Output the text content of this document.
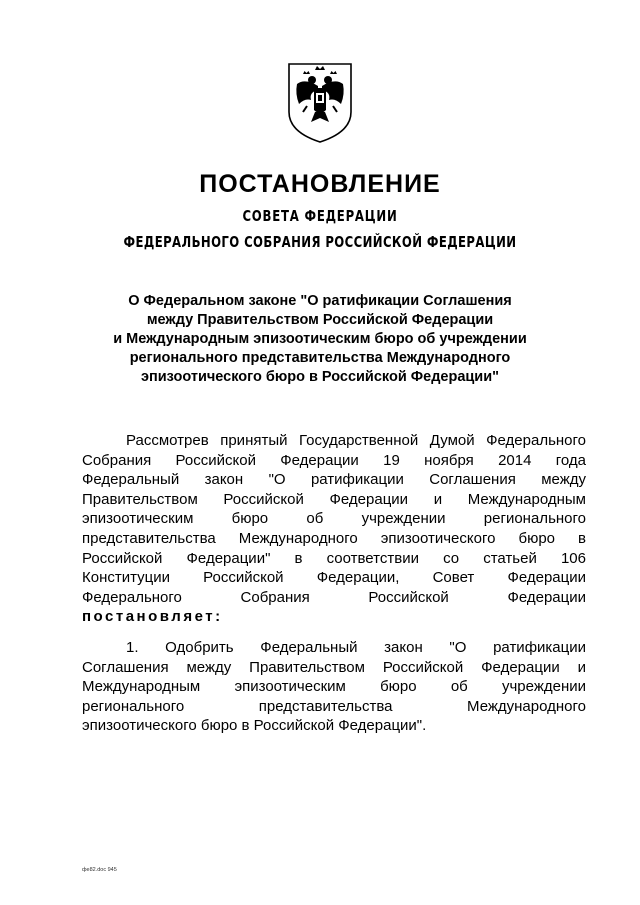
ПОСТАНОВЛЕНИЕ
СОВЕТА ФЕДЕРАЦИИ
ФЕДЕРАЛЬНОГО СОБРАНИЯ РОССИЙСКОЙ ФЕДЕРАЦИИ
О Федеральном законе "О ратификации Соглашения
между Правительством Российской Федерации
и Международным эпизоотическим бюро об учреждении
регионального представительства Международного
эпизоотического бюро в Российской Федерации"
Рассмотрев принятый Государственной Думой Федерального
Собрания Российской Федерации 19 ноября 2014 года
Федеральный закон "О ратификации Соглашения между
Правительством Российской Федерации и Международным
эпизоотическим бюро об учреждении регионального
представительства Международного эпизоотического бюро в
Российской Федерации" в соответствии со статьей 106
Конституции Российской Федерации, Совет Федерации
Федерального Собрания Российской Федерации
постановляет:
1. Одобрить Федеральный закон "О ратификации
Соглашения между Правительством Российской Федерации и
Международным эпизоотическим бюро об учреждении
регионального представительства Международного
эпизоотического бюро в Российской Федерации".
фе82.doc 945
